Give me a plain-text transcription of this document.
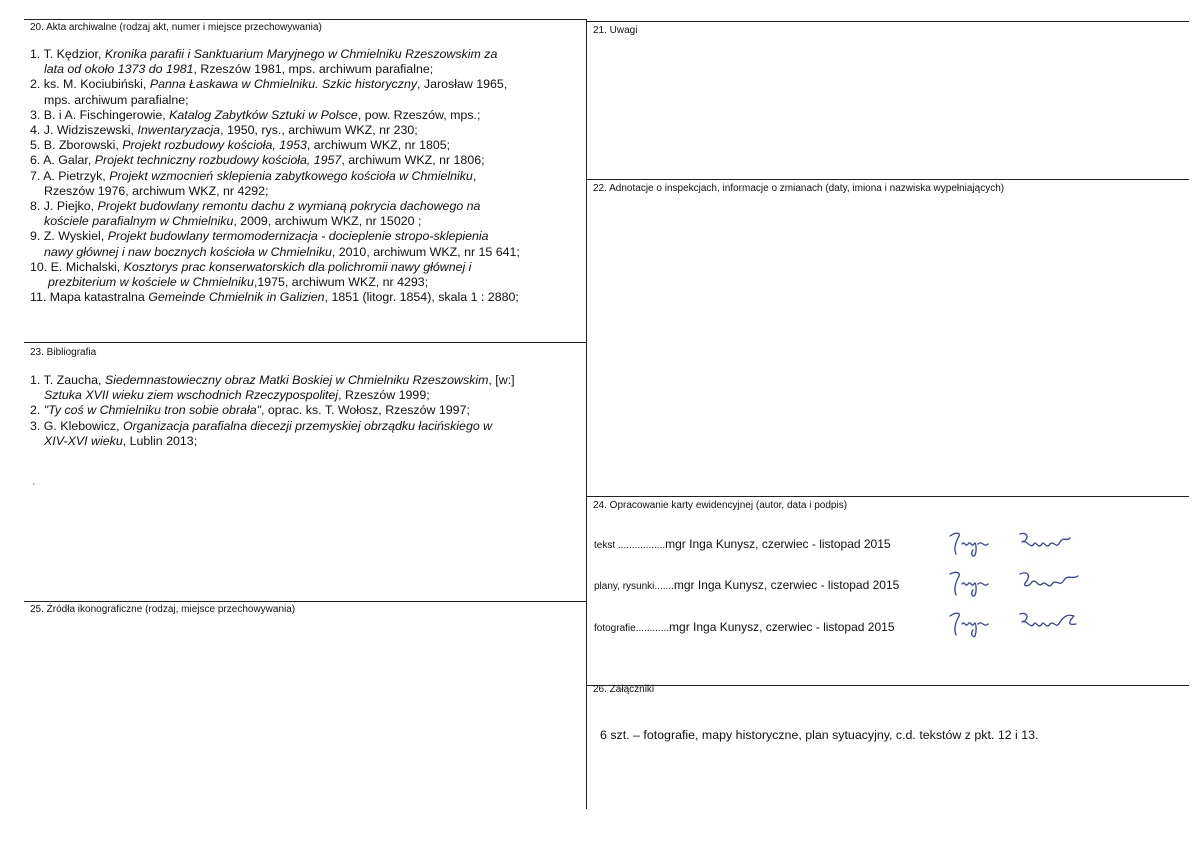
20. Akta archiwalne (rodzaj akt, numer i miejsce przechowywania)
1. T. Kędzior, Kronika parafii i Sanktuarium Maryjnego w Chmielniku Rzeszowskim za
lata od około 1373 do 1981, Rzeszów 1981, mps. archiwum parafialne;
2. ks. M. Kociubiński, Panna Łaskawa w Chmielniku. Szkic historyczny, Jarosław 1965,
mps. archiwum parafialne;
3. B. i A. Fischingerowie, Katalog Zabytków Sztuki w Polsce, pow. Rzeszów, mps.;
4. J. Widziszewski, Inwentaryzacja, 1950, rys., archiwum WKZ, nr 230;
5. B. Zborowski, Projekt rozbudowy kościoła, 1953, archiwum WKZ, nr 1805;
6. A. Galar, Projekt techniczny rozbudowy kościoła, 1957, archiwum WKZ, nr 1806;
7. A. Pietrzyk, Projekt wzmocnień sklepienia zabytkowego kościoła w Chmielniku,
Rzeszów 1976, archiwum WKZ, nr 4292;
8. J. Piejko, Projekt budowlany remontu dachu z wymianą pokrycia dachowego na
kościele parafialnym w Chmielniku, 2009, archiwum WKZ, nr 15020 ;
9. Z. Wyskiel, Projekt budowlany termomodernizacja - docieplenie stropo-sklepienia
nawy głównej i naw bocznych kościoła w Chmielniku, 2010, archiwum WKZ, nr 15 641;
10. E. Michalski, Kosztorys prac konserwatorskich dla polichromii nawy głównej i
prezbiterium w kościele w Chmielniku,1975, archiwum WKZ, nr 4293;
11. Mapa katastralna Gemeinde Chmielnik in Galizien, 1851 (litogr. 1854), skala 1 : 2880;
21. Uwagi
22. Adnotacje o inspekcjach, informacje o zmianach (daty, imiona i nazwiska wypełniających)
23. Bibliografia
1. T. Zaucha, Siedemnastowieczny obraz Matki Boskiej w Chmielniku Rzeszowskim, [w:]
Sztuka XVII wieku ziem wschodnich Rzeczypospolitej, Rzeszów 1999;
2. "Ty coś w Chmielniku tron sobie obrała", oprac. ks. T. Wołosz, Rzeszów 1997;
3. G. Klebowicz, Organizacja parafialna diecezji przemyskiej obrządku łacińskiego w
XIV-XVI wieku, Lublin 2013;
·
25. Źródła ikonograficzne (rodzaj, miejsce przechowywania)
24. Opracowanie karty ewidencyjnej (autor, data i podpis)
tekst .................mgr Inga Kunysz, czerwiec - listopad 2015
plany, rysunki.......mgr Inga Kunysz, czerwiec - listopad 2015
fotografie............mgr Inga Kunysz, czerwiec - listopad 2015
26. Załączniki
6 szt. – fotografie, mapy historyczne, plan sytuacyjny, c.d. tekstów z pkt. 12 i 13.
